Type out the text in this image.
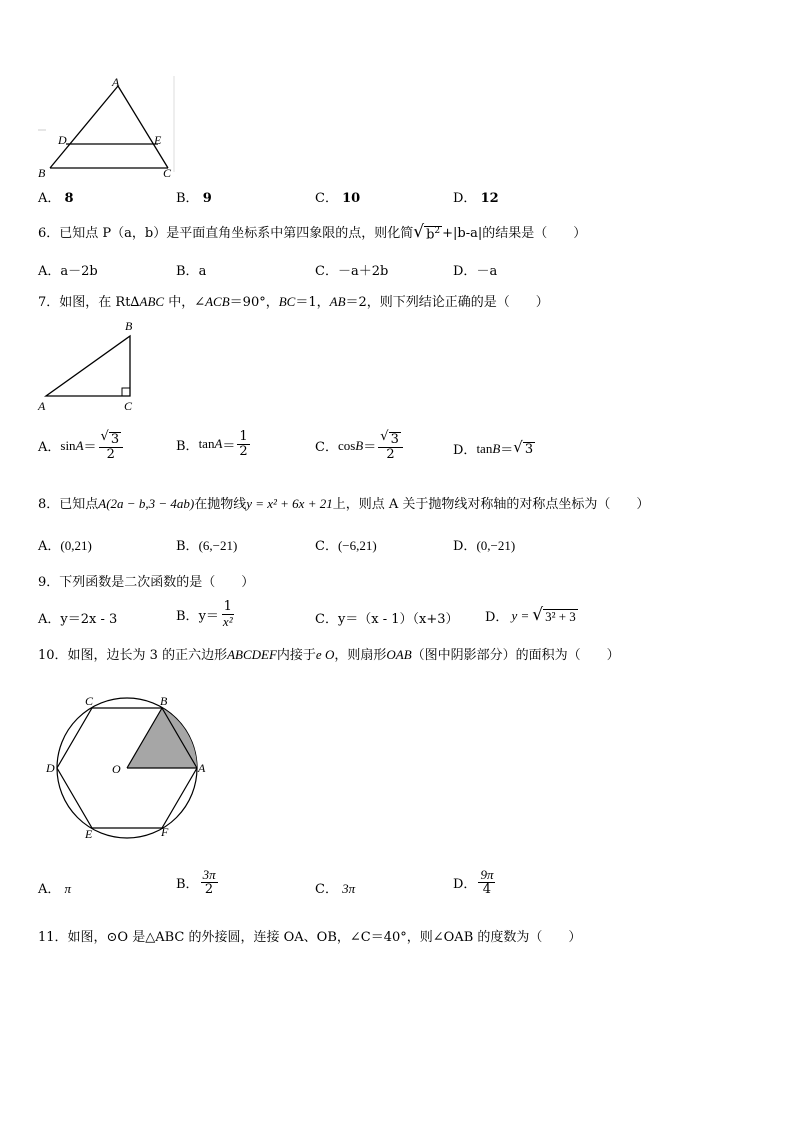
A
D	E
B	C
A． 8	B． 9	C． 10	D． 12
6．已知点 P（a，b）是平面直角坐标系中第四象限的点，则化简 √ $b^2 +|b-a|$的结果是（　　）
A．a－2b	B．a	C．－a＋2b	D．－a
7．如图，在 Rt∆ABC 中，∠ACB＝90°，BC＝1，AB＝2，则下列结论正确的是（　　）
B
A	C
A． $\sin A = \frac{√ 3}{2}$	B． $\tan A = \frac{1}{2}$	C． $\cos B = \frac{√ 3}{2}$	D． tan B ＝ √ 3
8．已知点A(2a − b,3 − 4ab)在抛物线y = x² + 6x + 21上，则点 A 关于抛物线对称轴的对称点坐标为（　　）
A．(0,21)	B．(6,−21)	C．(−6,21)	D．(0,−21)
9．下列函数是二次函数的是（　　）
A．y＝2x - 3	B． $y= \frac{1}{\text{x²}}$	C．y＝（x - 1）（x+3） D． y = √ 3² + 3
10．如图，边长为 3 的正六边形ABCDEF内接于e O，则扇形OAB（图中阴影部分）的面积为（　　）
C	B
D	O	A
E	F
A． π	B． $\frac{3\pi}{2}$	C． 3π	D． $\frac{9\pi}{4}$
11．如图，⊙O 是△ABC 的外接圆，连接 OA、OB，∠C＝40°，则∠OAB 的度数为（　　）
